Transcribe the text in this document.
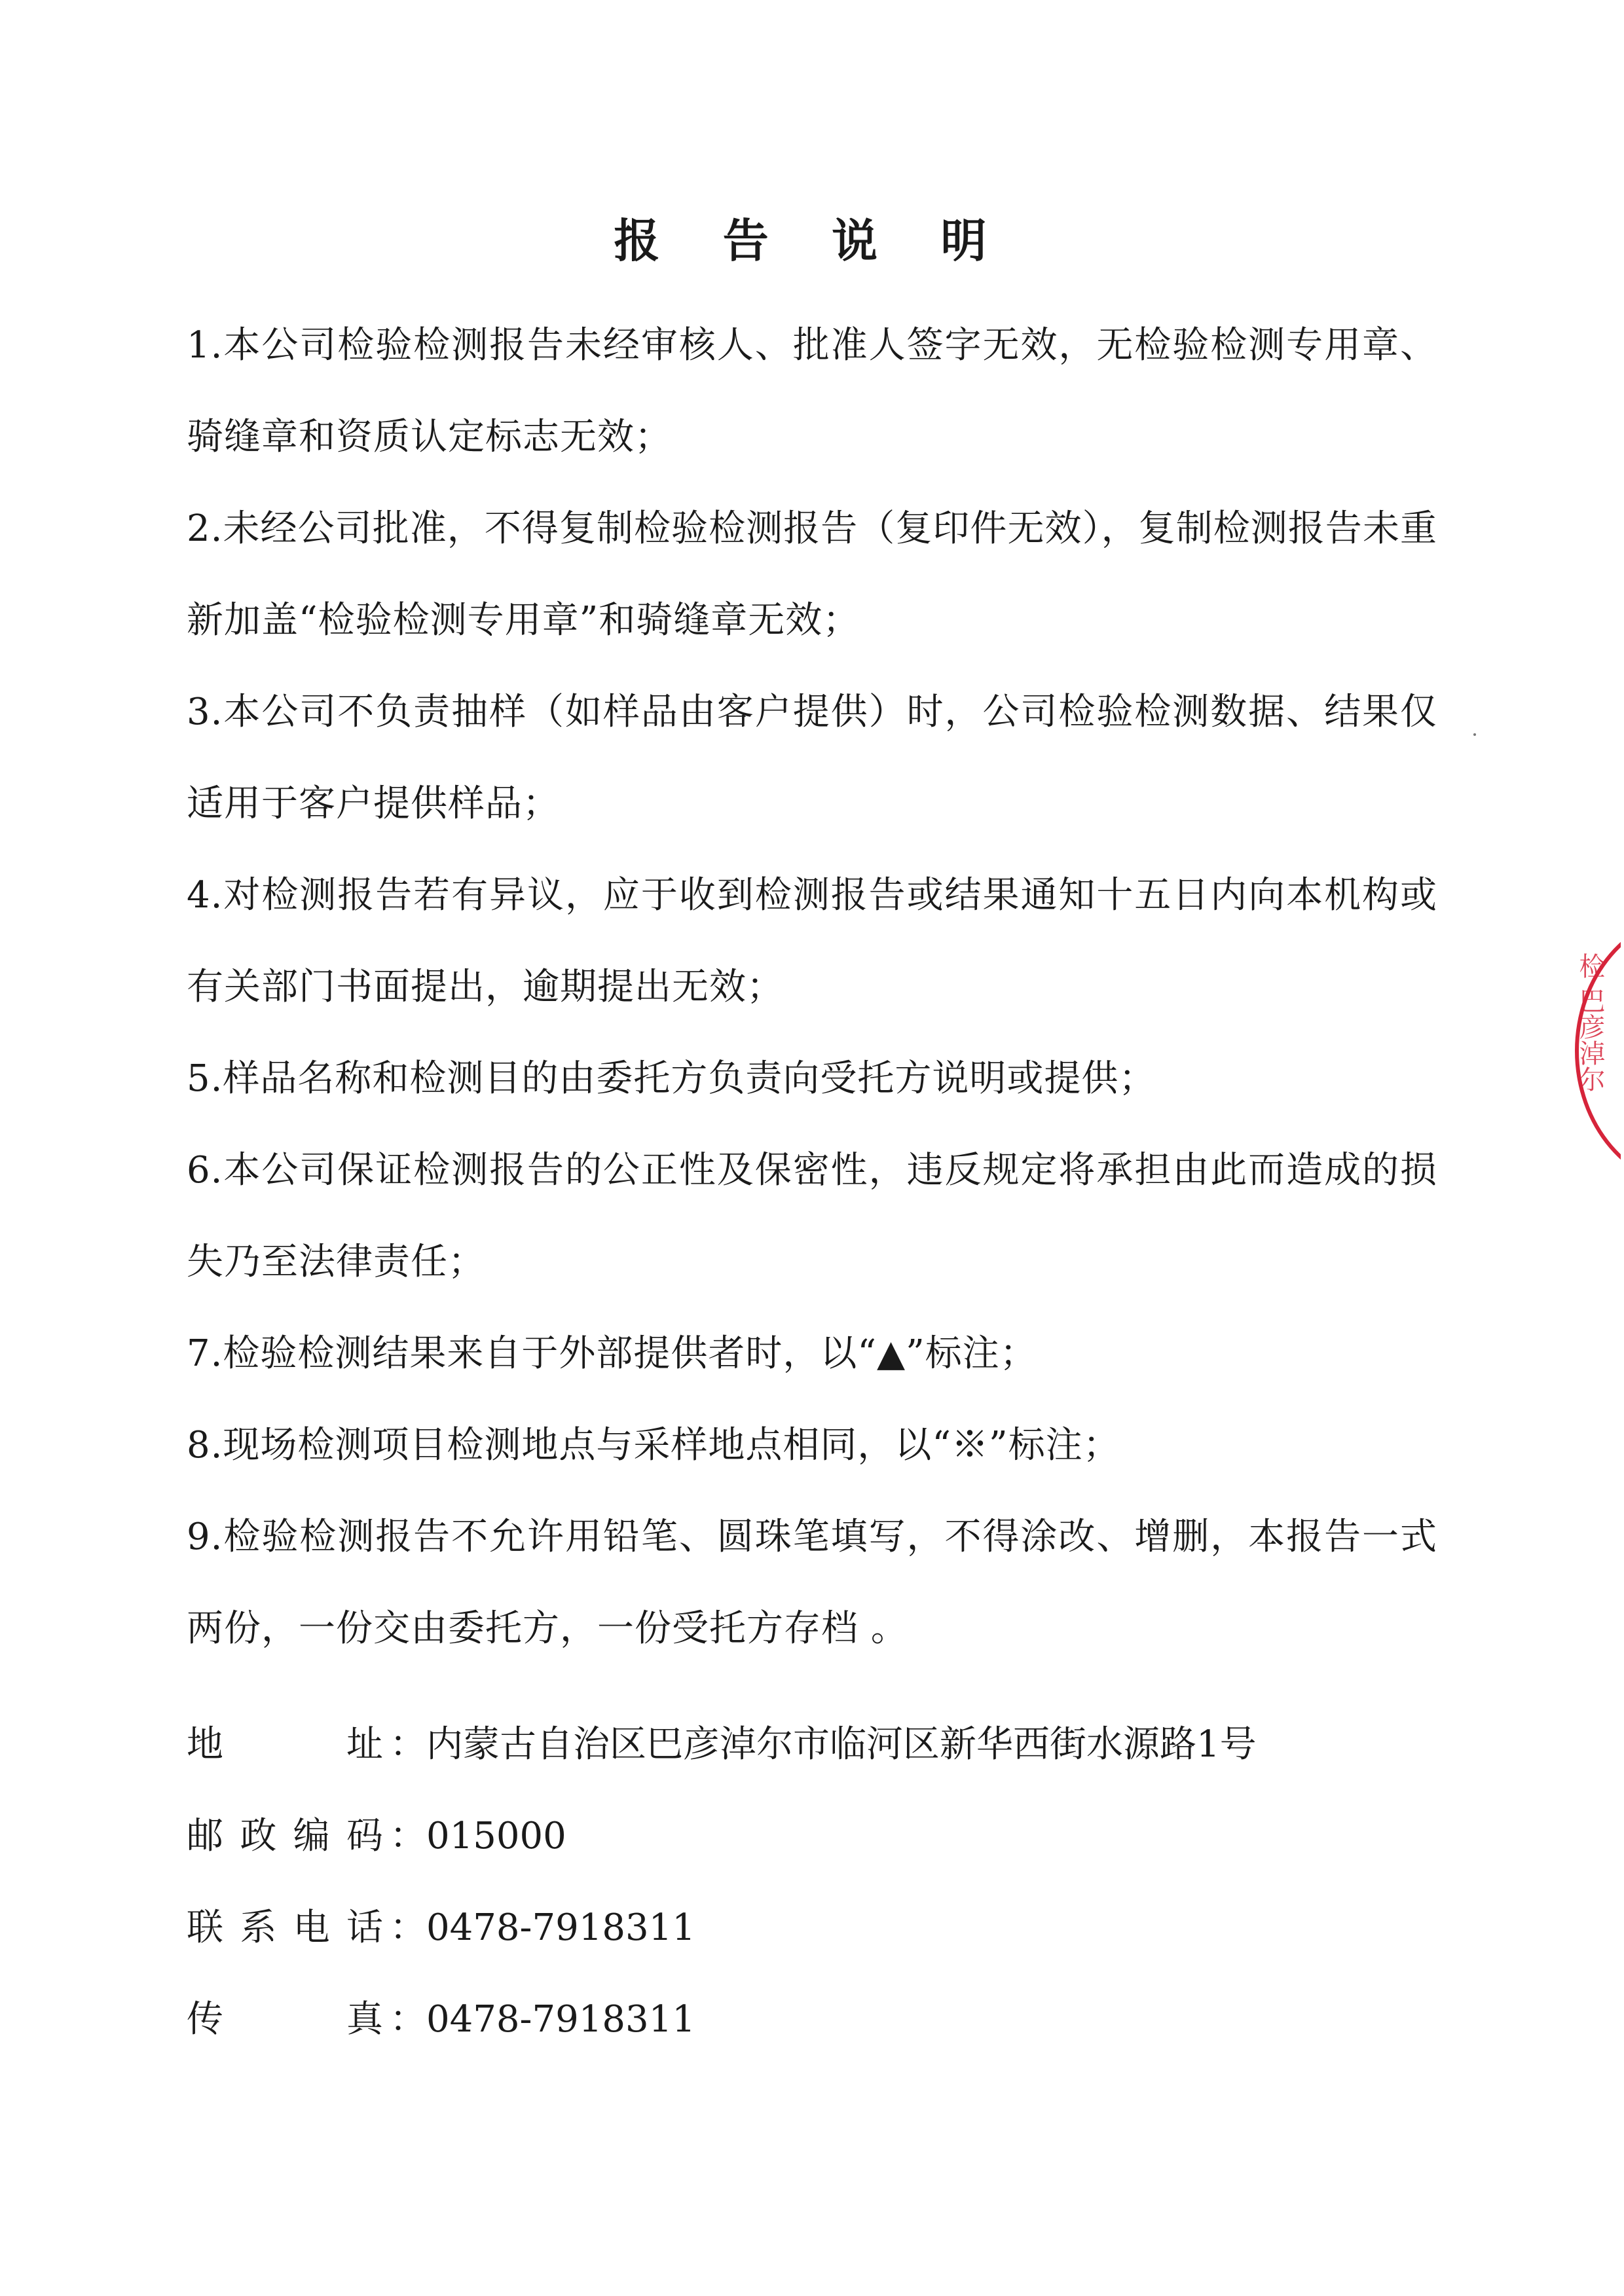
报 告 说 明

1.本公司检验检测报告未经审核人、批准人签字无效，无检验检测专用章、骑缝章和资质认定标志无效；

2.未经公司批准，不得复制检验检测报告（复印件无效），复制检测报告未重新加盖“检验检测专用章”和骑缝章无效；

3.本公司不负责抽样（如样品由客户提供）时，公司检验检测数据、结果仅适用于客户提供样品；

4.对检测报告若有异议，应于收到检测报告或结果通知十五日内向本机构或有关部门书面提出，逾期提出无效；

5.样品名称和检测目的由委托方负责向受托方说明或提供；

6.本公司保证检测报告的公正性及保密性，违反规定将承担由此而造成的损失乃至法律责任；

7.检验检测结果来自于外部提供者时，以“▲”标注；

8.现场检测项目检测地点与采样地点相同，以“※”标注；

9.检验检测报告不允许用铅笔、圆珠笔填写，不得涂改、增删，本报告一式两份，一份交由委托方，一份受托方存档 。

地 址 ： 内蒙古自治区巴彦淖尔市临河区新华西街水源路1号
邮政编码 ： 015000
联系电话 ： 0478-7918311
传 真 ： 0478-7918311
检 巴彦淖尔
